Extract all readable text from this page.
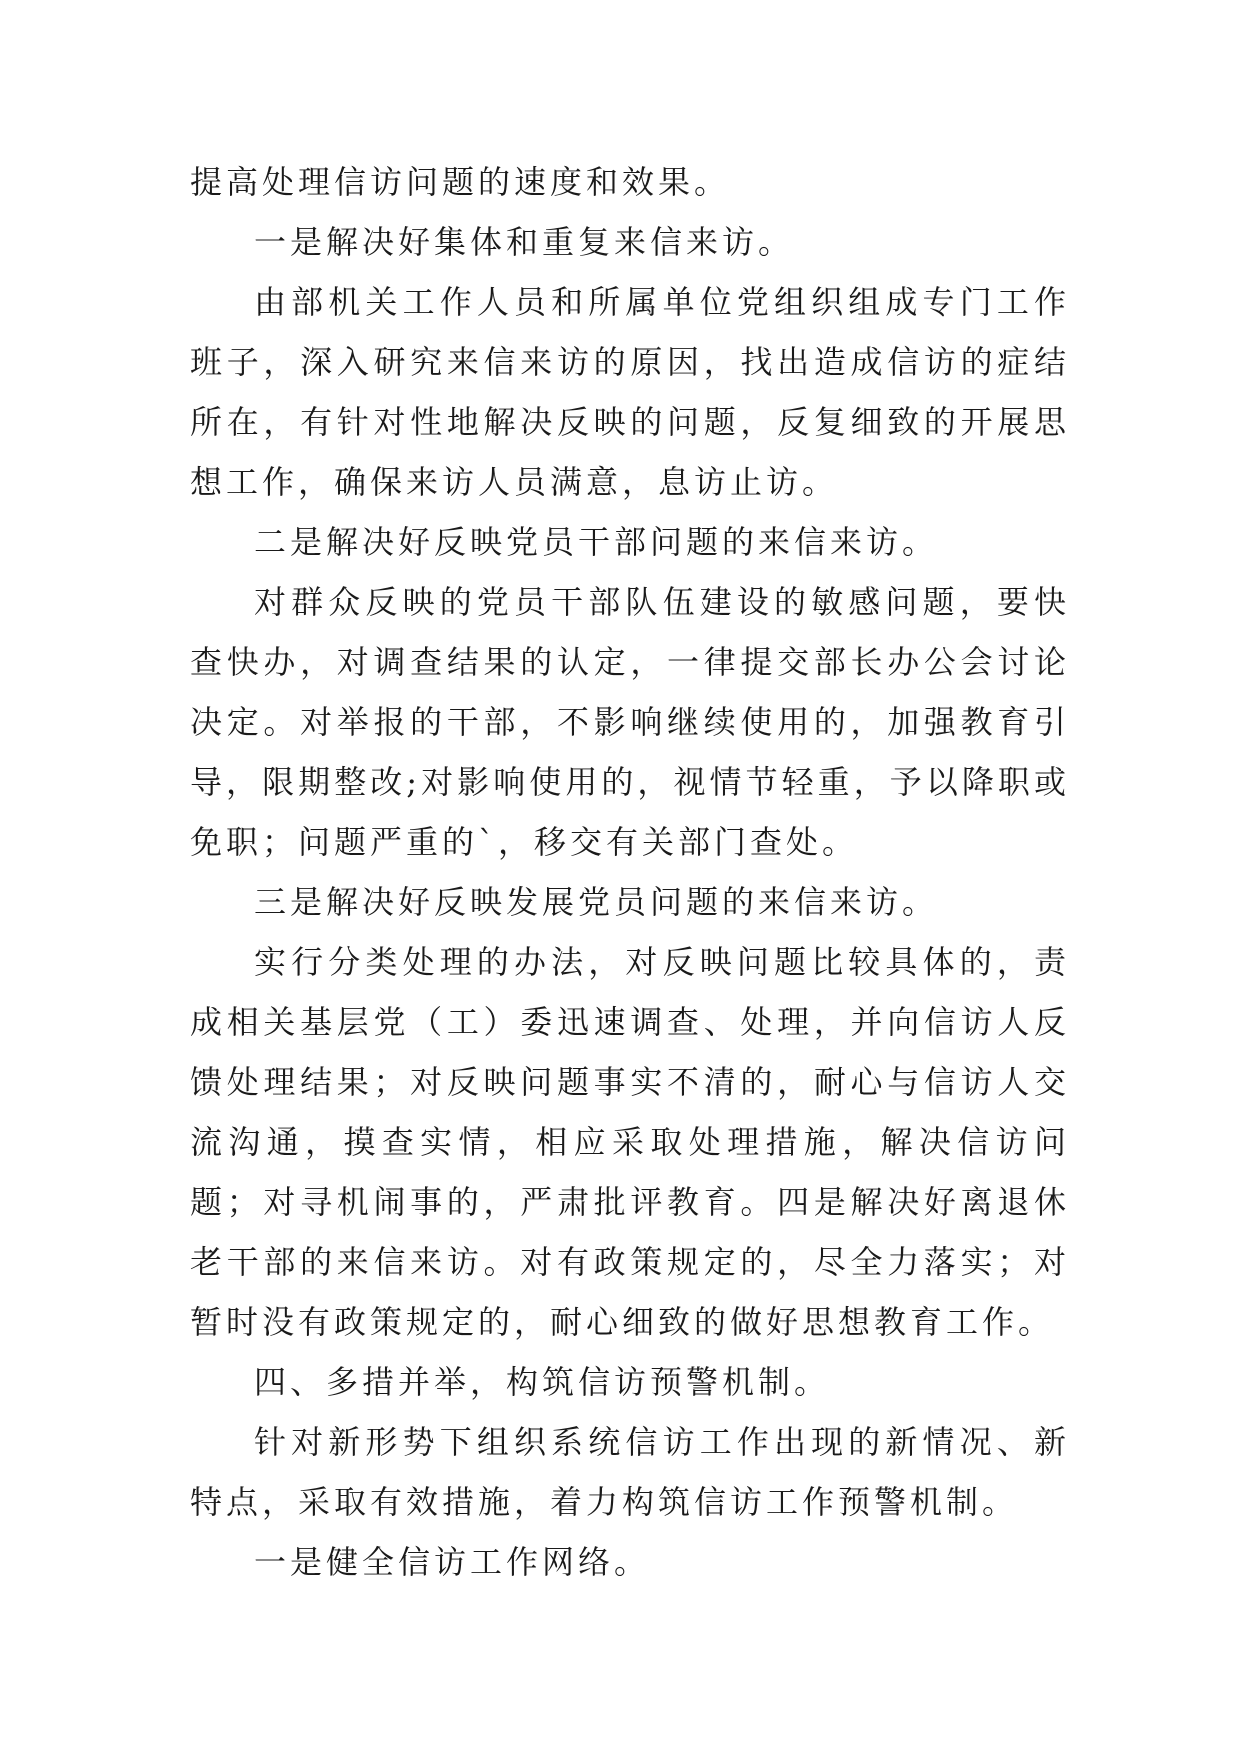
提高处理信访问题的速度和效果。

一是解决好集体和重复来信来访。

由部机关工作人员和所属单位党组织组成专门工作班子，深入研究来信来访的原因，找出造成信访的症结所在，有针对性地解决反映的问题，反复细致的开展思想工作，确保来访人员满意，息访止访。

二是解决好反映党员干部问题的来信来访。

对群众反映的党员干部队伍建设的敏感问题，要快查快办，对调查结果的认定，一律提交部长办公会讨论决定。对举报的干部，不影响继续使用的，加强教育引导，限期整改;对影响使用的，视情节轻重，予以降职或免职；问题严重的`，移交有关部门查处。

三是解决好反映发展党员问题的来信来访。

实行分类处理的办法，对反映问题比较具体的，责成相关基层党（工）委迅速调查、处理，并向信访人反馈处理结果；对反映问题事实不清的，耐心与信访人交流沟通，摸查实情，相应采取处理措施，解决信访问题；对寻机闹事的，严肃批评教育。四是解决好离退休老干部的来信来访。对有政策规定的，尽全力落实；对暂时没有政策规定的，耐心细致的做好思想教育工作。

四、多措并举，构筑信访预警机制。

针对新形势下组织系统信访工作出现的新情况、新特点，采取有效措施，着力构筑信访工作预警机制。

一是健全信访工作网络。
